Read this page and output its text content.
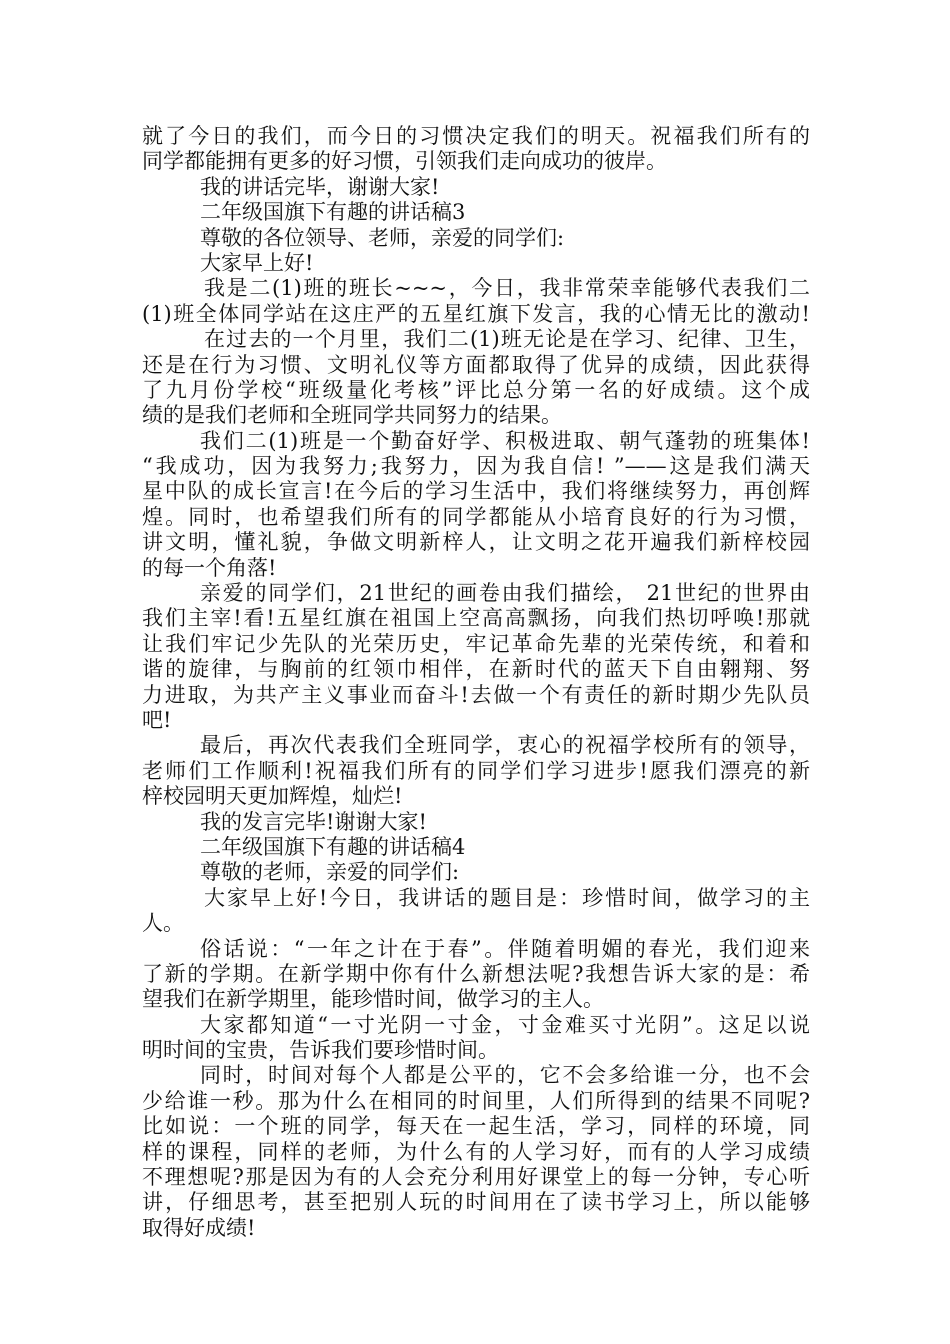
就了今日的我们，而今日的习惯决定我们的明天。祝福我们所有的
同学都能拥有更多的好习惯，引领我们走向成功的彼岸。
我的讲话完毕，谢谢大家!
二年级国旗下有趣的讲话稿3
尊敬的各位领导、老师，亲爱的同学们:
大家早上好!
我是二(1)班的班长~~~，今日，我非常荣幸能够代表我们二
(1)班全体同学站在这庄严的五星红旗下发言，我的心情无比的激动!
在过去的一个月里，我们二(1)班无论是在学习、纪律、卫生，
还是在行为习惯、文明礼仪等方面都取得了优异的成绩，因此获得
了九月份学校“班级量化考核”评比总分第一名的好成绩。这个成
绩的是我们老师和全班同学共同努力的结果。
我们二(1)班是一个勤奋好学、积极进取、朝气蓬勃的班集体!
“我成功，因为我努力;我努力，因为我自信! ”——这是我们满天
星中队的成长宣言!在今后的学习生活中，我们将继续努力，再创辉
煌。同时，也希望我们所有的同学都能从小培育良好的行为习惯，
讲文明，懂礼貌，争做文明新梓人，让文明之花开遍我们新梓校园
的每一个角落!
亲爱的同学们，21世纪的画卷由我们描绘， 21世纪的世界由
我们主宰!看!五星红旗在祖国上空高高飘扬，向我们热切呼唤!那就
让我们牢记少先队的光荣历史，牢记革命先辈的光荣传统，和着和
谐的旋律，与胸前的红领巾相伴，在新时代的蓝天下自由翱翔、努
力进取，为共产主义事业而奋斗!去做一个有责任的新时期少先队员
吧!
最后，再次代表我们全班同学，衷心的祝福学校所有的领导，
老师们工作顺利!祝福我们所有的同学们学习进步!愿我们漂亮的新
梓校园明天更加辉煌，灿烂!
我的发言完毕!谢谢大家!
二年级国旗下有趣的讲话稿4
尊敬的老师，亲爱的同学们:
大家早上好!今日，我讲话的题目是：珍惜时间，做学习的主
人。
俗话说：“一年之计在于春”。伴随着明媚的春光，我们迎来
了新的学期。在新学期中你有什么新想法呢?我想告诉大家的是：希
望我们在新学期里，能珍惜时间，做学习的主人。
大家都知道“一寸光阴一寸金，寸金难买寸光阴”。这足以说
明时间的宝贵，告诉我们要珍惜时间。
同时，时间对每个人都是公平的，它不会多给谁一分，也不会
少给谁一秒。那为什么在相同的时间里，人们所得到的结果不同呢?
比如说：一个班的同学，每天在一起生活，学习，同样的环境，同
样的课程，同样的老师，为什么有的人学习好，而有的人学习成绩
不理想呢?那是因为有的人会充分利用好课堂上的每一分钟，专心听
讲，仔细思考，甚至把别人玩的时间用在了读书学习上，所以能够
取得好成绩!
